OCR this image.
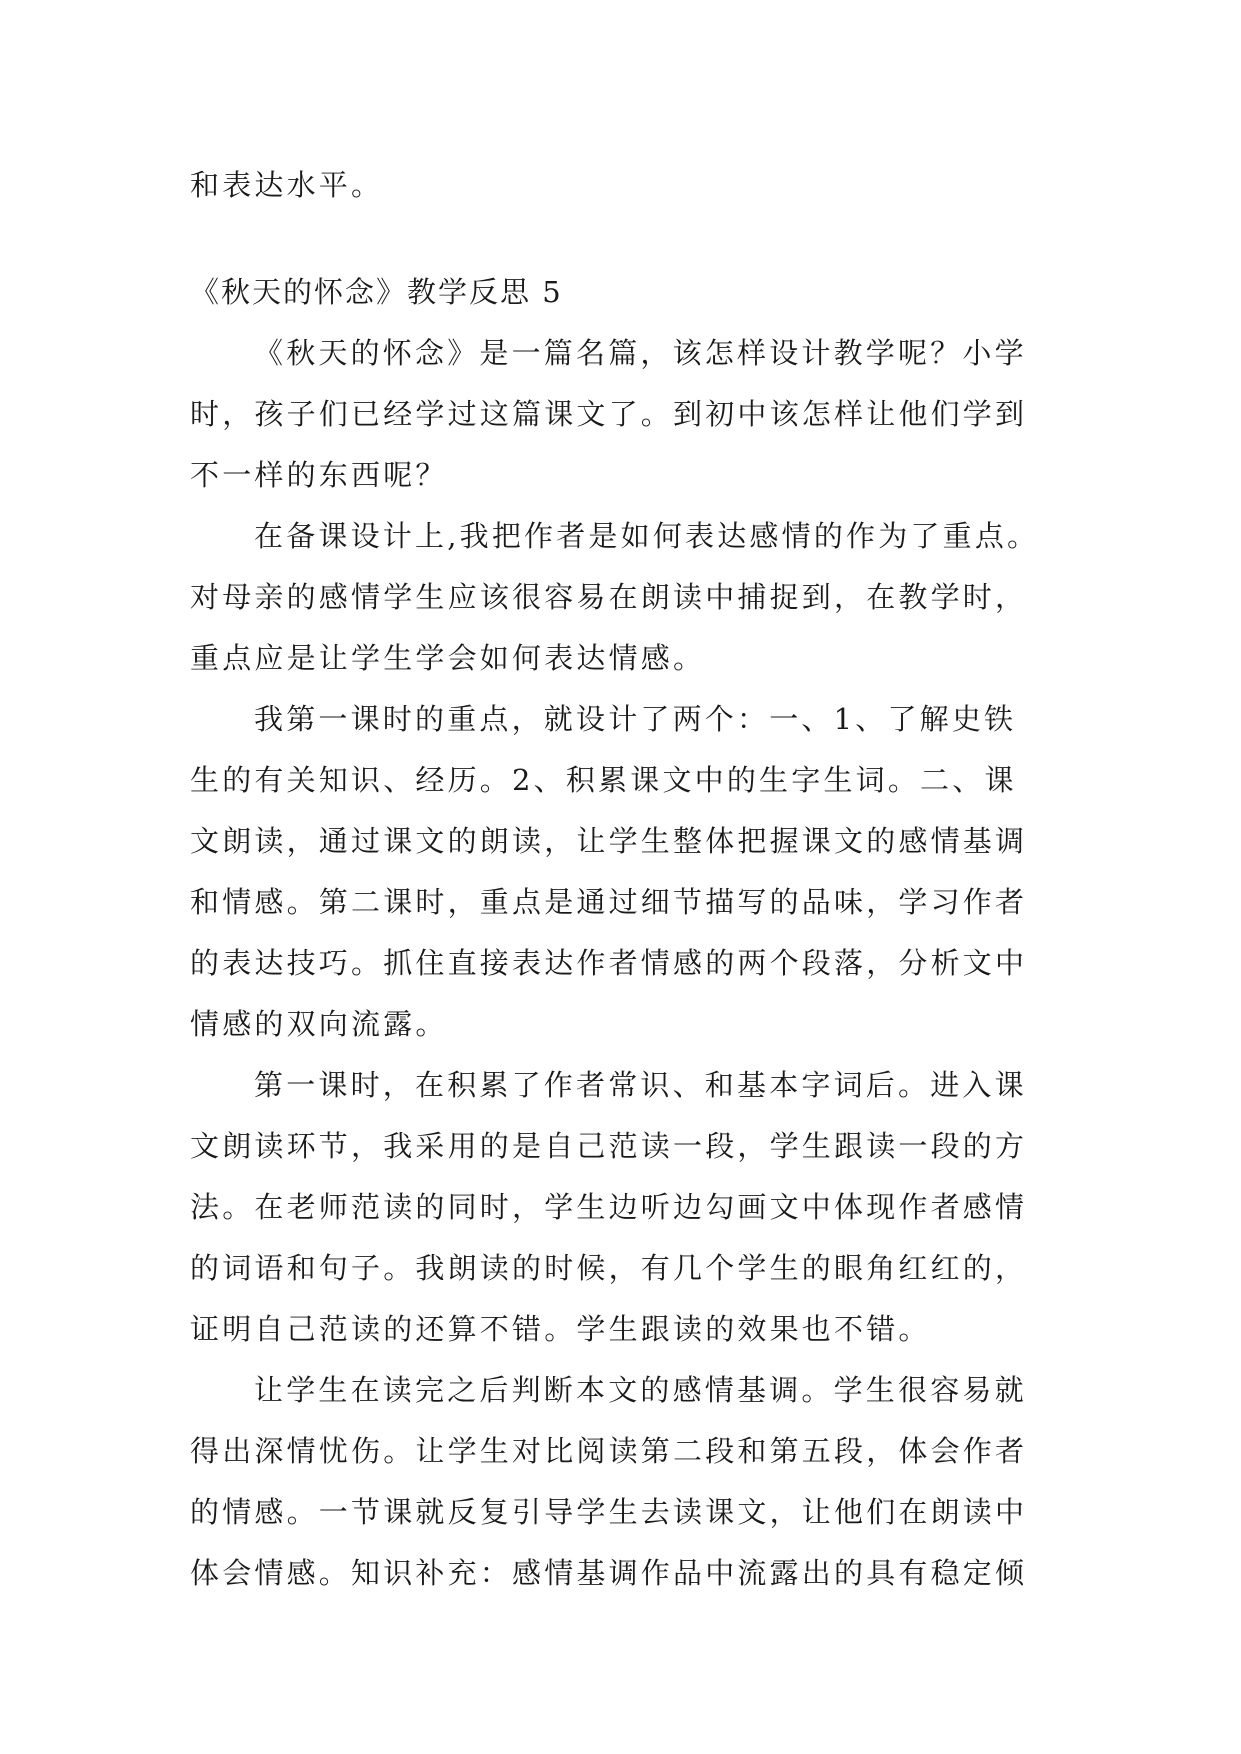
和表达水平。
《秋天的怀念》教学反思 5
《秋天的怀念》是一篇名篇，该怎样设计教学呢？小学
时，孩子们已经学过这篇课文了。到初中该怎样让他们学到
不一样的东西呢？
在备课设计上,我把作者是如何表达感情的作为了重点。
对母亲的感情学生应该很容易在朗读中捕捉到，在教学时，
重点应是让学生学会如何表达情感。
我第一课时的重点，就设计了两个：一、1、了解史铁
生的有关知识、经历。2、积累课文中的生字生词。二、课
文朗读，通过课文的朗读，让学生整体把握课文的感情基调
和情感。第二课时，重点是通过细节描写的品味，学习作者
的表达技巧。抓住直接表达作者情感的两个段落，分析文中
情感的双向流露。
第一课时，在积累了作者常识、和基本字词后。进入课
文朗读环节，我采用的是自己范读一段，学生跟读一段的方
法。在老师范读的同时，学生边听边勾画文中体现作者感情
的词语和句子。我朗读的时候，有几个学生的眼角红红的，
证明自己范读的还算不错。学生跟读的效果也不错。
让学生在读完之后判断本文的感情基调。学生很容易就
得出深情忧伤。让学生对比阅读第二段和第五段，体会作者
的情感。一节课就反复引导学生去读课文，让他们在朗读中
体会情感。知识补充：感情基调作品中流露出的具有稳定倾
